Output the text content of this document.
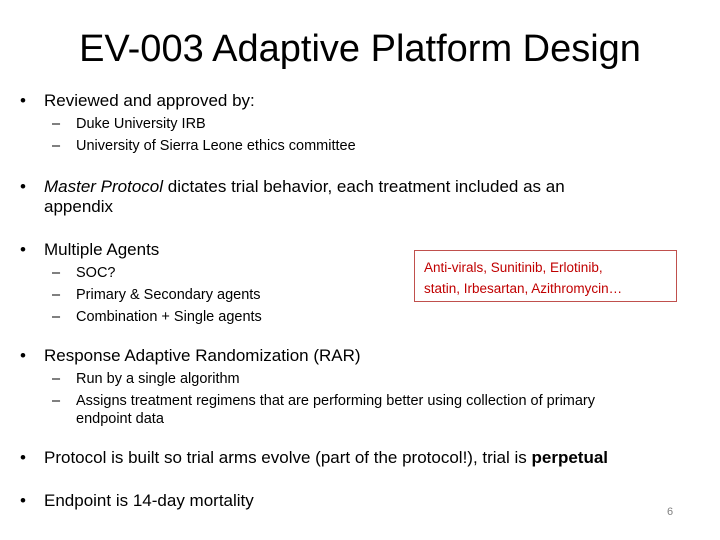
EV-003 Adaptive Platform Design
•	Reviewed and approved by:
– Duke University IRB
– University of Sierra Leone ethics committee
•	Master Protocol dictates trial behavior, each treatment included as an
appendix
•	Multiple Agents
– SOC?
– Primary & Secondary agents
– Combination + Single agents
Anti-virals, Sunitinib, Erlotinib,
statin, Irbesartan, Azithromycin…
•	Response Adaptive Randomization (RAR)
– Run by a single algorithm
– Assigns treatment regimens that are performing better using collection of primary
endpoint data
•	Protocol is built so trial arms evolve (part of the protocol!), trial is perpetual
•	Endpoint is 14-day mortality
6
